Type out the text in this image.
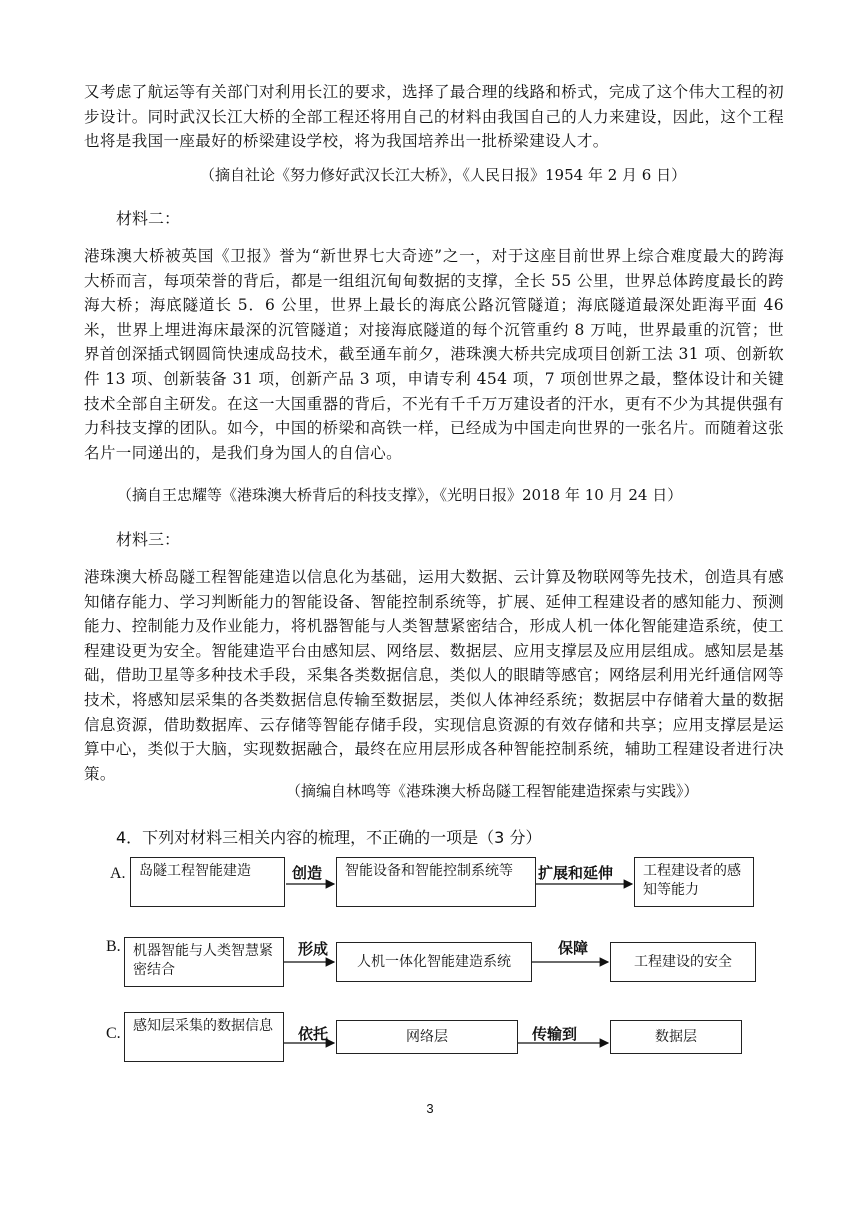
又考虑了航运等有关部门对利用长江的要求，选择了最合理的线路和桥式，完成了这个伟大工程的初步设计。同时武汉长江大桥的全部工程还将用自己的材料由我国自己的人力来建设，因此，这个工程也将是我国一座最好的桥梁建设学校，将为我国培养出一批桥梁建设人才。

（摘自社论《努力修好武汉长江大桥》，《人民日报》1954 年 2 月 6 日）

材料二：

港珠澳大桥被英国《卫报》誉为“新世界七大奇迹”之一，对于这座目前世界上综合难度最大的跨海大桥而言，每项荣誉的背后，都是一组组沉甸甸数据的支撑，全长 55 公里，世界总体跨度最长的跨海大桥；海底隧道长 5．6 公里，世界上最长的海底公路沉管隧道；海底隧道最深处距海平面 46 米，世界上埋进海床最深的沉管隧道；对接海底隧道的每个沉管重约 8 万吨，世界最重的沉管；世界首创深插式钢圆筒快速成岛技术，截至通车前夕，港珠澳大桥共完成项目创新工法 31 项、创新软件 13 项、创新装备 31 项，创新产品 3 项，申请专利 454 项，7 项创世界之最，整体设计和关键技术全部自主研发。在这一大国重器的背后，不光有千千万万建设者的汗水，更有不少为其提供强有力科技支撑的团队。如今，中国的桥梁和高铁一样，已经成为中国走向世界的一张名片。而随着这张名片一同递出的，是我们身为国人的自信心。

（摘自王忠耀等《港珠澳大桥背后的科技支撑》，《光明日报》2018 年 10 月 24 日）

材料三：

港珠澳大桥岛隧工程智能建造以信息化为基础，运用大数据、云计算及物联网等先技术，创造具有感知储存能力、学习判断能力的智能设备、智能控制系统等，扩展、延伸工程建设者的感知能力、预测能力、控制能力及作业能力，将机器智能与人类智慧紧密结合，形成人机一体化智能建造系统，使工程建设更为安全。智能建造平台由感知层、网络层、数据层、应用支撑层及应用层组成。感知层是基础，借助卫星等多种技术手段，采集各类数据信息，类似人的眼睛等感官；网络层利用光纤通信网等技术，将感知层采集的各类数据信息传输至数据层，类似人体神经系统；数据层中存储着大量的数据信息资源，借助数据库、云存储等智能存储手段，实现信息资源的有效存储和共享；应用支撑层是运算中心，类似于大脑，实现数据融合，最终在应用层形成各种智能控制系统，辅助工程建设者进行决策。

（摘编自林鸣等《港珠澳大桥岛隧工程智能建造探索与实践》）

4．下列对材料三相关内容的梳理，不正确的一项是（3 分）

A. 岛隧工程智能建造	创造	智能设备和智能控制系统等	扩展和延伸	工程建设者的感知等能力
B. 机器智能与人类智慧紧密结合
形成
人机一体化智能建造系统
保障
工程建设的安全
C. 感知层采集的数据信息	依托	网络层	传输到	数据层
3
